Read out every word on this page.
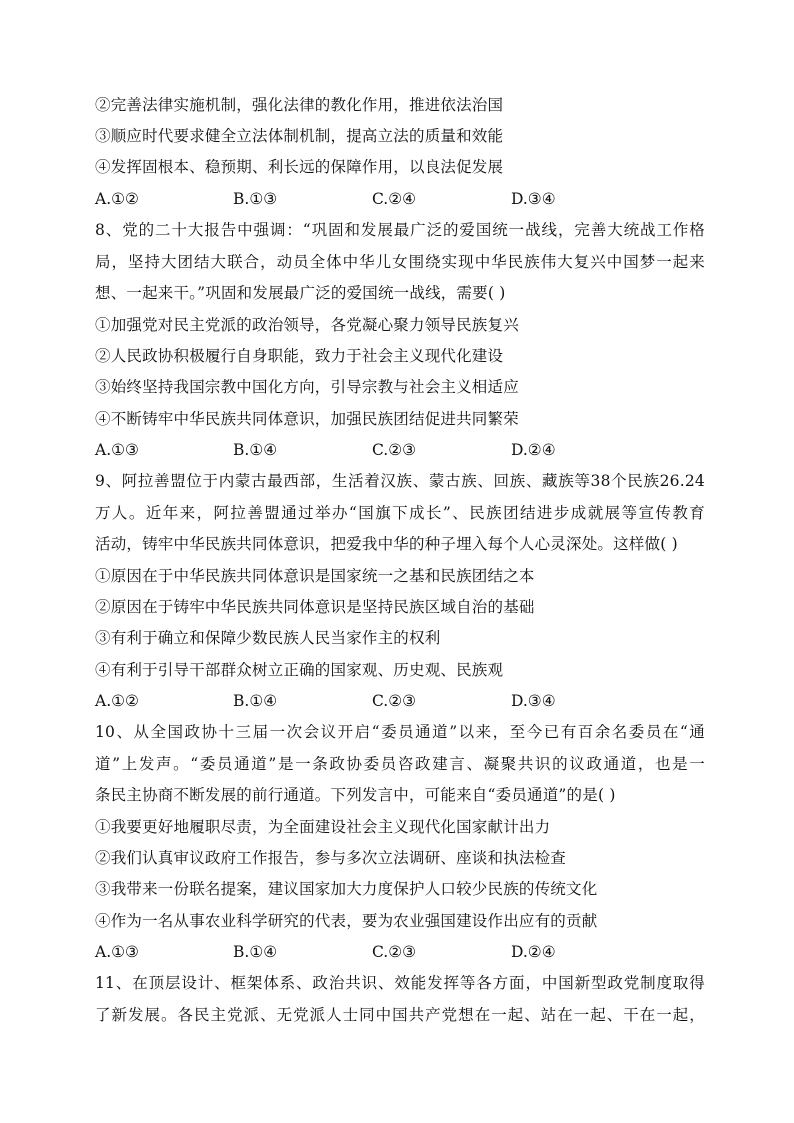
②完善法律实施机制，强化法律的教化作用，推进依法治国
③顺应时代要求健全立法体制机制，提高立法的质量和效能
④发挥固根本、稳预期、利长远的保障作用，以良法促发展
A.①②	B.①③	C.②④	D.③④
8、党的二十大报告中强调：“巩固和发展最广泛的爱国统一战线，完善大统战工作格
局，坚持大团结大联合，动员全体中华儿女围绕实现中华民族伟大复兴中国梦一起来
想、一起来干。”巩固和发展最广泛的爱国统一战线，需要( )
①加强党对民主党派的政治领导，各党凝心聚力领导民族复兴
②人民政协积极履行自身职能，致力于社会主义现代化建设
③始终坚持我国宗教中国化方向，引导宗教与社会主义相适应
④不断铸牢中华民族共同体意识，加强民族团结促进共同繁荣
A.①③	B.①④	C.②③	D.②④
9、阿拉善盟位于内蒙古最西部，生活着汉族、蒙古族、回族、藏族等38个民族26.24
万人。近年来，阿拉善盟通过举办“国旗下成长”、民族团结进步成就展等宣传教育
活动，铸牢中华民族共同体意识，把爱我中华的种子埋入每个人心灵深处。这样做( )
①原因在于中华民族共同体意识是国家统一之基和民族团结之本
②原因在于铸牢中华民族共同体意识是坚持民族区域自治的基础
③有利于确立和保障少数民族人民当家作主的权利
④有利于引导干部群众树立正确的国家观、历史观、民族观
A.①②	B.①④	C.②③	D.③④
10、从全国政协十三届一次会议开启“委员通道”以来，至今已有百余名委员在“通
道”上发声。“委员通道”是一条政协委员咨政建言、凝聚共识的议政通道，也是一
条民主协商不断发展的前行通道。下列发言中，可能来自“委员通道”的是( )
①我要更好地履职尽责，为全面建设社会主义现代化国家献计出力
②我们认真审议政府工作报告，参与多次立法调研、座谈和执法检查
③我带来一份联名提案，建议国家加大力度保护人口较少民族的传统文化
④作为一名从事农业科学研究的代表，要为农业强国建设作出应有的贡献
A.①③	B.①④	C.②③	D.②④
11、在顶层设计、框架体系、政治共识、效能发挥等各方面，中国新型政党制度取得
了新发展。各民主党派、无党派人士同中国共产党想在一起、站在一起、干在一起，
